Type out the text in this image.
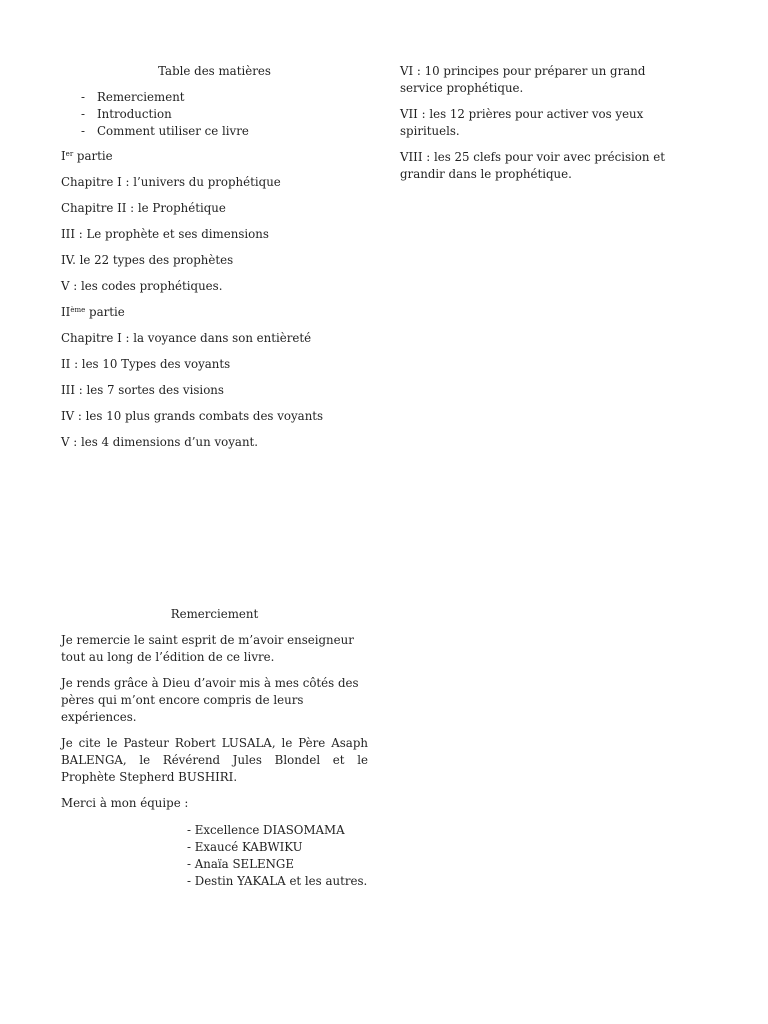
Table des matières

- Remerciement
- Introduction
- Comment utiliser ce livre

Ier partie

Chapitre I : l’univers du prophétique

Chapitre II : le Prophétique

III : Le prophète et ses dimensions

IV. le 22 types des prophètes

V : les codes prophétiques.

IIème partie

Chapitre I : la voyance dans son entièreté

II : les 10 Types des voyants

III : les 7 sortes des visions

IV : les 10 plus grands combats des voyants

V : les 4 dimensions d’un voyant.

VI : 10 principes pour préparer un grand service prophétique.

VII : les 12 prières pour activer vos yeux spirituels.

VIII : les 25 clefs pour voir avec précision et grandir dans le prophétique.

Remerciement

Je remercie le saint esprit de m’avoir enseigneur tout au long de l’édition de ce livre.

Je rends grâce à Dieu d’avoir mis à mes côtés des pères qui m’ont encore compris de leurs expériences.

Je cite le Pasteur Robert LUSALA, le Père Asaph BALENGA, le Révérend Jules Blondel et le Prophète Stepherd BUSHIRI.

Merci à mon équipe :

- Excellence DIASOMAMA

- Exaucé KABWIKU

- Anaïa SELENGE

- Destin YAKALA et les autres.
